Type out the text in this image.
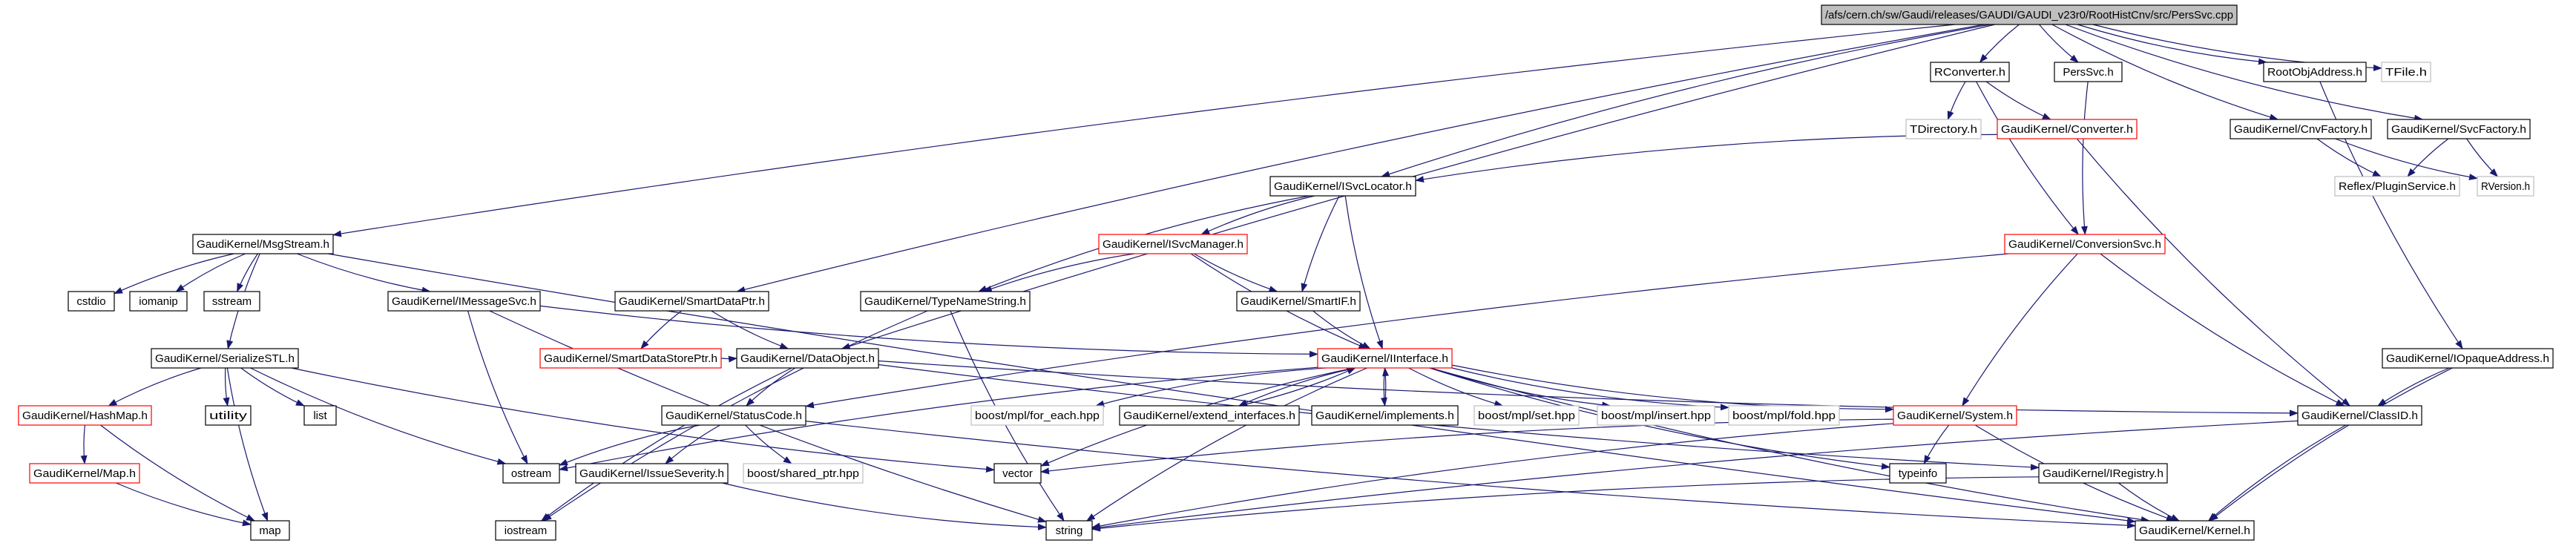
/afs/cern.ch/sw/Gaudi/releases/GAUDI/GAUDI_v23r0/RootHistCnv/src/PersSvc.cpp
RConverter.h	PersSvc.h	RootObjAddress.h TFile.h
TDirectory.h GaudiKernel/Converter.h	GaudiKernel/CnvFactory.h GaudiKernel/SvcFactory.h
GaudiKernel/ISvcLocator.h	Reflex/PluginService.h RVersion.h
GaudiKernel/MsgStream.h	GaudiKernel/ISvcManager.h	GaudiKernel/ConversionSvc.h
cstdio	iomanip	sstream	GaudiKernel/IMessageSvc.h	GaudiKernel/SmartDataPtr.h	GaudiKernel/TypeNameString.h	GaudiKernel/SmartIF.h
GaudiKernel/SerializeSTL.h	GaudiKernel/SmartDataStorePtr.h GaudiKernel/DataObject.h	GaudiKernel/IInterface.h	GaudiKernel/IOpaqueAddress.h
GaudiKernel/HashMap.h	utility	list	GaudiKernel/StatusCode.h	boost/mpl/for_each.hpp GaudiKernel/extend_interfaces.h GaudiKernel/implements.h boost/mpl/set.hpp boost/mpl/insert.hpp boost/mpl/fold.hpp	GaudiKernel/System.h	GaudiKernel/ClassID.h
GaudiKernel/Map.h	ostream	GaudiKernel/IssueSeverity.h boost/shared_ptr.hpp	vector	typeinfo	GaudiKernel/IRegistry.h
map	iostream	string	GaudiKernel/Kernel.h
